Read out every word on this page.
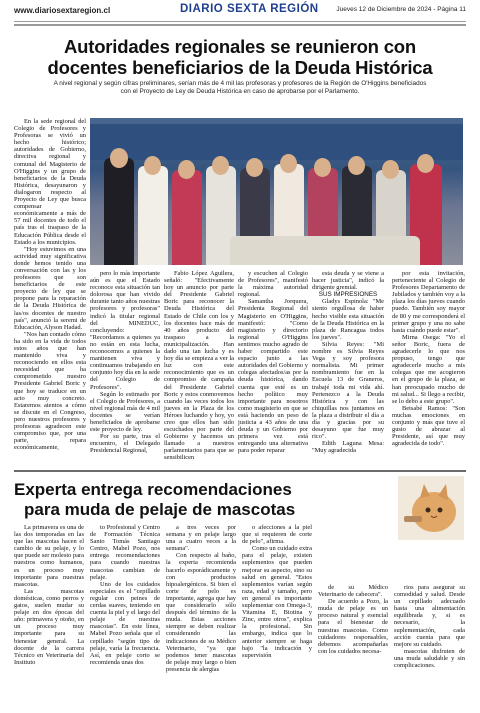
www.diariosextaregion.cl	DIARIO SEXTA REGIÓN	Jueves 12 de Diciembre de 2024 - Página 11
Autoridades regionales se reunieron con
docentes beneficiarios de la Deuda Histórica
A nivel regional y según cifras preliminares, serían más de 4 mil las profesoras y profesores de la Región de O'Higgins beneficiados
con el Proyecto de Ley de Deuda Histórica en caso de aprobarse por el Parlamento.

En la sede regional del Colegio de Profesores y Profesoras se vivió un hecho histórico; autoridades de Gobierno, directiva regional y comunal del Magisterio de O'Higgins y un grupo de beneficiarios de la Deuda Histórica, desayunaron y dialogaron respecto al Proyecto de Ley que busca compensar económicamente a más de 57 mil docentes de todo el país tras el traspaso de la Educación Pública desde el Estado a los municipios.

"Hoy estuvimos en una actividad muy significativa donde hemos tenido una conversación con las y los profesores que son beneficiarios de este proyecto de ley que se propone para la reparación de la Deuda Histórica de las/os docentes de nuestro país", anunció la seremi de Educación, Alyson Hadad.

"Nos han contado cómo ha sido en la vida de todos estos años que han mantenido viva y reconociendo en ellos esta necesidad que ha comprometido nuestro Presidente Gabriel Boric y que hoy se traduce en un acto muy concreto. Estaremos atentos a cómo se discute en el Congreso, pero nuestros profesores y profesoras agradecen este compromiso que, por una parte, repara económicamente,

pero lo más importante aún es que el Estado reconoce esta situación tan dolorosa que han vivido durante tanto años nuestras profesores y profesoras" indicó la titular regional del MINEDUC, concluyendo: "Recordamos a quienes ya no están en esta lucha, reconocemos a quienes la mantienen viva y continuamos trabajando en conjunto hoy día en la sede del Colegio de Profesores".

Según lo estimado por el Colegio de Profesores, a nivel regional más de 4 mil docentes se verían beneficiados de aprobarse este proyecto de ley.

Por su parte, tras el encuentro, el Delegado Presidencial Regional,

Fabio López Aguilera, señaló: "Efectivamente hoy un anuncio por parte del Presidente Gabriel Boric para reconocer la Deuda Histórica del Estado de Chile con los y los docentes hace más de 40 años producto del traspaso a la municipalización. Han dado una tan lucha y es hoy día se empieza a ver la luz con este reconocimiento que es un compromiso de campaña del Presidente Gabriel Boric y estos conmovemos cuando las veces todos los jueves en la Plaza de los Héroes luchando y hoy, yo creo que ellos han sido escuchados por parte del Gobierno y hacemos un llamado a nuestros parlamentarios para que se sensibilicen

y escuchen al Colegio de Profesores", manifestó la máxima autoridad regional.

Samantha Jorquera, Presidenta Regional del Magisterio en O'Higgins, manifestó: "Como magisterio y directorio regional O'Higgins sentimos mucho agrado de haber compartido este espacio junto a las autoridades del Gobierno y colegas afectados/as por la deuda histórica, dando cuenta que esté es un hecho político muy importante para nosotros como magisterio en que se está haciendo un peso de justicia a 43 años de una deuda y un Gobierno por primera vez está entregando una alternativa para poder reparar

esta deuda y se viene a hacer justicia", indicó la dirigente gremial.

SUS IMPRESIONES

Gladys Espinola: "Me siento orgullosa de haber hecho visible esta situación de la Deuda Histórica en la plaza de Rancagua todos los jueves".

Silvia Reyes: "Mi nombre es Silvia Reyes Vega y soy profesora normalista. Mi primer nombramiento fue en la Escuela 13 de Graneros, trabajé toda mi vida ahí. Pertenezco a la Deuda Histórica y con las chiquillas nos juntamos en la plaza a distribuir el día a día y gracias por su desayuno que fue muy rico".

Edith Laguna Mesa: "Muy agradecida

por esta invitación, perteneciente al Colegio de Profesores Departamento de Jubilados y también voy a la plaza los días jueves cuando puedo. También soy mayor de 80 y me corresponderá el primer grupo y una no sabe hasta cuándo puede estar".

Mirna Osega: "Yo el señor Boric, fuera de agradecerle lo que nos propuso, tengo que agradecerle mucho a mis colegas que me acogieron en el grupo de la plaza, se han preocupado mucho de mi salud... Si llego a recibir, se lo debo a este grupo".

Betsabé Ramos: "Son muchas emociones en conjunto y más que tuve el gusto de abrazar al Presidente, así que muy agradecida de todo".

Experta entrega recomendaciones
para muda de pelaje de mascotas

La primavera es una de las dos temporadas en las que las mascotas hacen el cambio de su pelaje, y lo que puede ser molesto para nuestros como humanos, es un proceso muy importante para nuestras mascotas.

Las mascotas domésticas, como perros y gatos, suelen mudar su pelaje en dos épocas del año: primavera y otoño, en un proceso muy importante para su bienestar general. La docente de la carrera Técnico en Veterinaria del Instituto

to Profesional y Centro de Formación Técnica Santo Tomás Santiago Centro, Mabel Pozo, nos entrega recomendaciones para cuando nuestras mascotas cambian de pelaje.

Uno de los cuidados especiales es el "cepillado regular con peines de cerdas suaves, teniendo en cuenta la piel y el largo del pelaje de nuestras mascotas". En este línea, Mabel Pozo señala que el cepillado "según tipo de pelaje, varía la frecuencia. Así, en pelaje corto se recomienda unas dos

a tres veces por semana y en pelaje largo una a cuatro veces a la semana".

Con respecto al baño, la experta recomienda hacerlo esporádicamente y con productos hipoalergénicos. Si bien el corte de pelo es importante, agrega que hay que considerarlo sólo después del término de la muda. Estas acciones siempre se deben realizar considerando las indicaciones de su Médico Veterinario, "ya que podemos tener mascotas de pelaje muy largo o bien presencia de alergias

o afecciones a la piel que si requieren de corte de pelo", afirma.

Como un cuidado extra para el pelaje, existen suplementos que pueden mejorar su aspecto, sino su salud en general. "Estos suplementos varían según raza, edad y tamaño, pero en general es importante suplementar con Omega-3, Vitamina E, Biotina y Zinc, entre otros", explica la profesional. Sin embargo, indica que lo anterior siempre se haga bajo "la indicación y supervisión

de su Médico Veterinario de cabecera".

De acuerdo a Pozo, la muda de pelaje es un proceso natural y esencial para el bienestar de nuestras mascotas. Como cuidadores responsables, debemos acompañarlas con los cuidados necesa-

rios para asegurar su comodidad y salud. Desde un cepillado adecuado hasta una alimentación equilibrada y, si es necesario, la suplementación, cada acción cuenta para que mejore su cuidado.

mascotas disfruten de una muda saludable y sin complicaciones.
